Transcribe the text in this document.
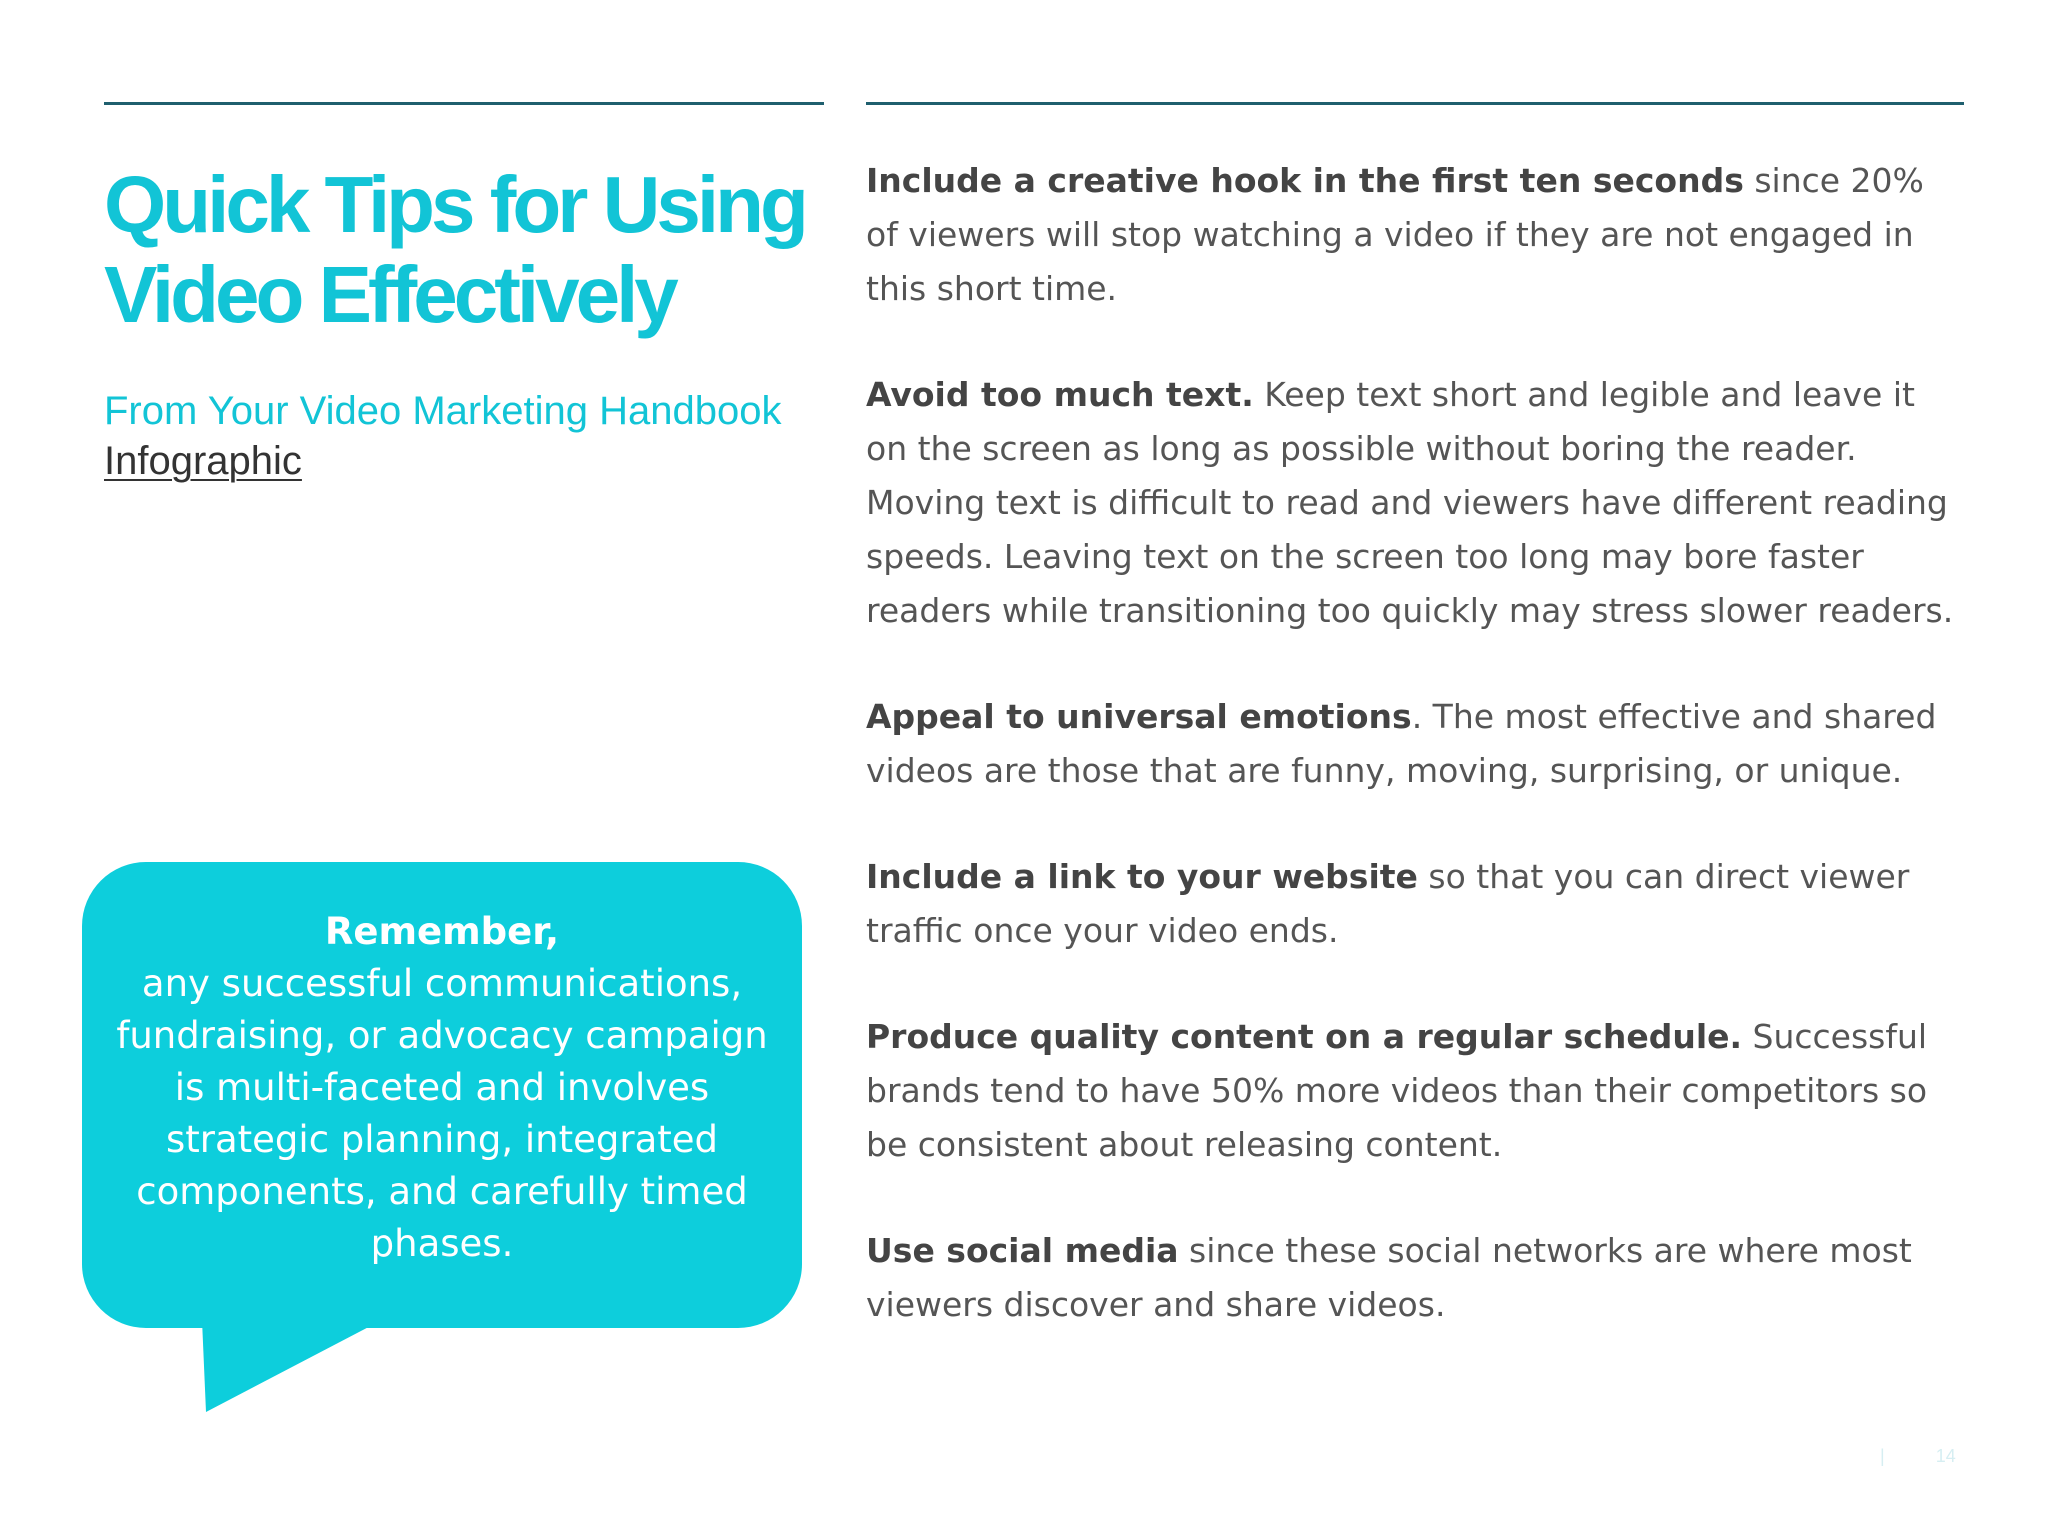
Quick Tips for Using Video Effectively

From Your Video Marketing Handbook Infographic

Remember,
any successful communications, fundraising, or advocacy campaign is multi-faceted and involves strategic planning, integrated components, and carefully timed phases.
Include a creative hook in the first ten seconds since 20% of viewers will stop watching a video if they are not engaged in this short time.
Avoid too much text. Keep text short and legible and leave it on the screen as long as possible without boring the reader. Moving text is difficult to read and viewers have different reading speeds. Leaving text on the screen too long may bore faster readers while transitioning too quickly may stress slower readers.
Appeal to universal emotions. The most effective and shared videos are those that are funny, moving, surprising, or unique.
Include a link to your website so that you can direct viewer traffic once your video ends.
Produce quality content on a regular schedule. Successful brands tend to have 50% more videos than their competitors so be consistent about releasing content.
Use social media since these social networks are where most viewers discover and share videos.
|	14
